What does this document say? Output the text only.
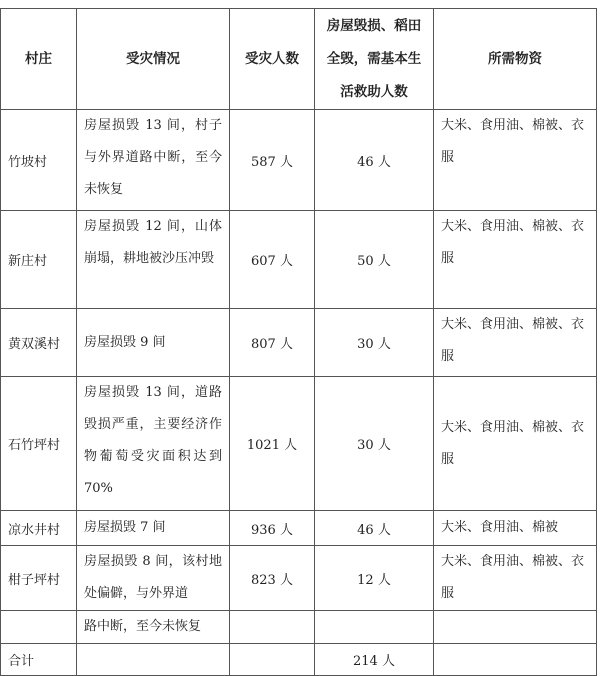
村庄	受灾情况	受灾人数	房屋毁损、稻田全毁，需基本生活救助人数	所需物资
竹坡村	房屋损毁 13 间，村子与外界道路中断，至今未恢复	587 人	46 人	大米、食用油、棉被、衣服
新庄村	房屋损毁 12 间，山体崩塌，耕地被沙压冲毁	607 人	50 人	大米、食用油、棉被、衣服
黄双溪村	房屋损毁 9 间	807 人	30 人	大米、食用油、棉被、衣服
石竹坪村	房屋损毁 13 间，道路毁损严重，主要经济作物葡萄受灾面积达到 70%	1021 人	30 人	大米、食用油、棉被、衣服
凉水井村	房屋损毁 7 间	936 人	46 人	大米、食用油、棉被
柑子坪村	房屋损毁 8 间，该村地处偏僻，与外界道	823 人	12 人	大米、食用油、棉被、衣服
	路中断，至今未恢复			
合计			214 人	
